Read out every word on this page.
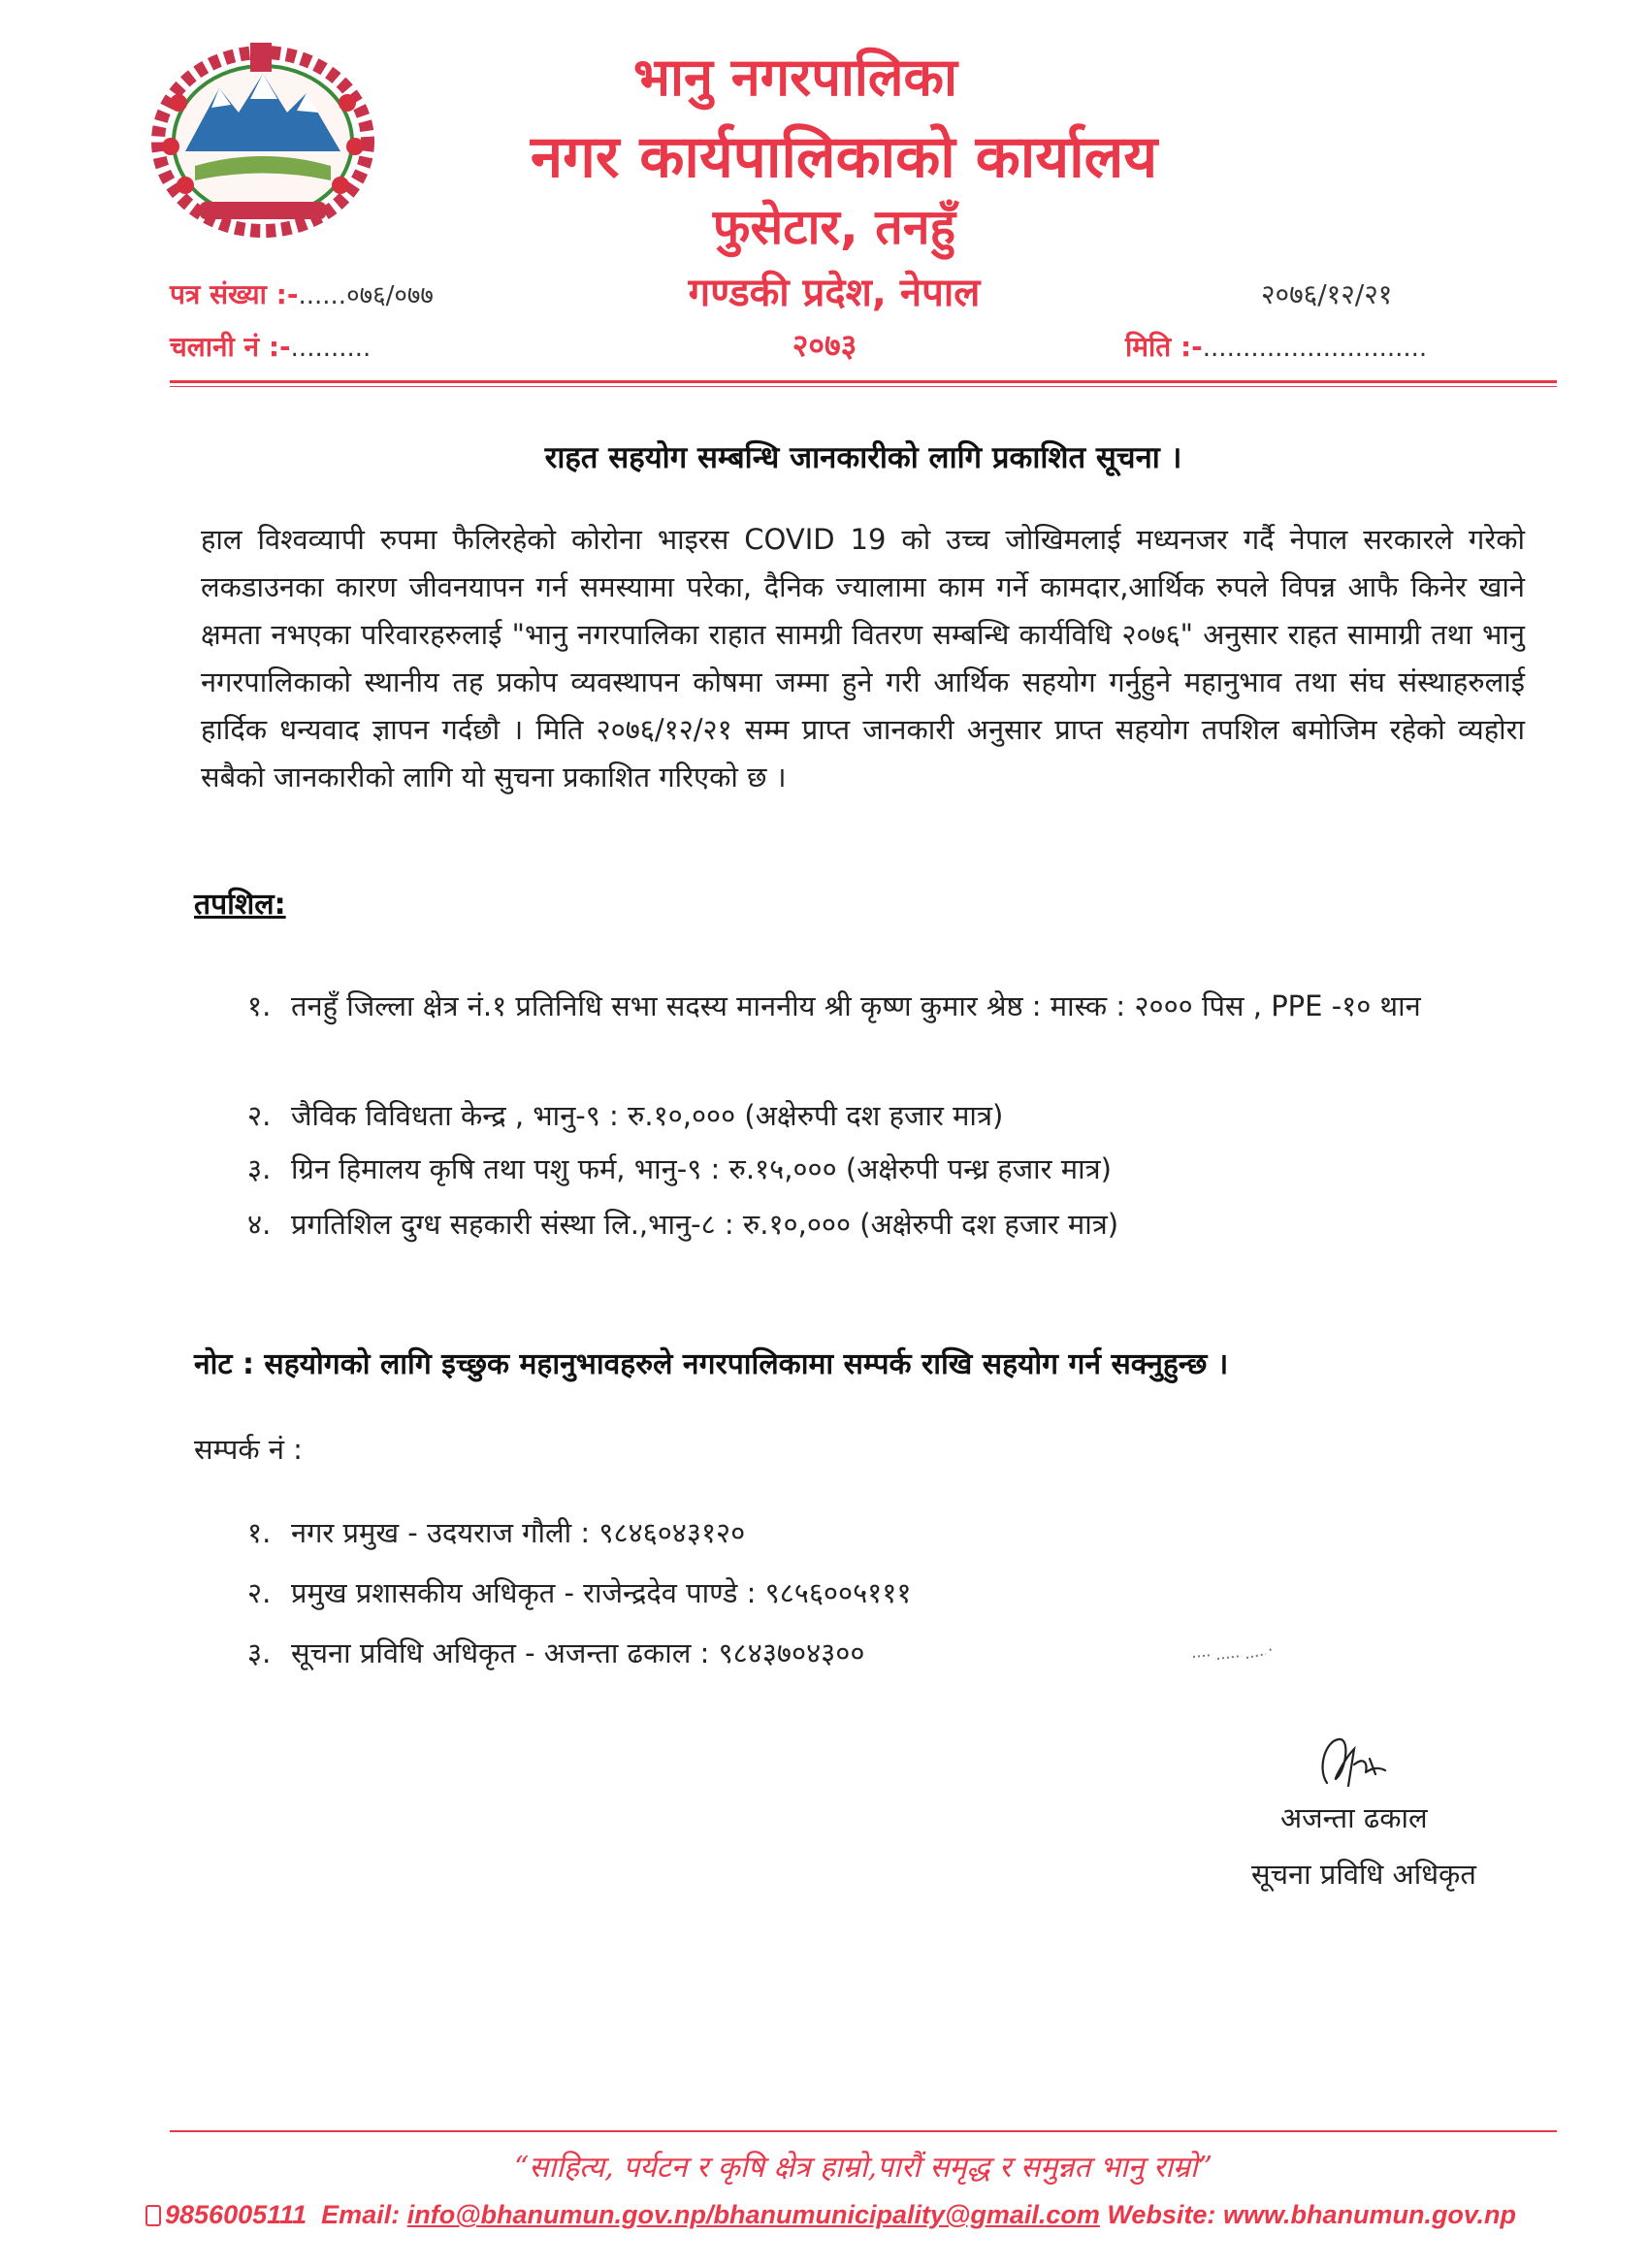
भानु नगरपालिका
नगर कार्यपालिकाको कार्यालय
फुसेटार, तनहुँ
गण्डकी प्रदेश, नेपाल
२०७३
पत्र संख्या :-......०७६/०७७
चलानी नं :-..........
२०७६/१२/२१
मिति :-............................
राहत सहयोग सम्बन्धि जानकारीको लागि प्रकाशित सूचना ।
हाल विश्वव्यापी रुपमा फैलिरहेको कोरोना भाइरस COVID 19 को उच्च जोखिमलाई मध्यनजर गर्दै नेपाल सरकारले गरेको लकडाउनका कारण जीवनयापन गर्न समस्यामा परेका, दैनिक ज्यालामा काम गर्ने कामदार,आर्थिक रुपले विपन्न आफै किनेर खाने क्षमता नभएका परिवारहरुलाई "भानु नगरपालिका राहात सामग्री वितरण सम्बन्धि कार्यविधि २०७६" अनुसार राहत सामाग्री तथा भानु नगरपालिकाको स्थानीय तह प्रकोप व्यवस्थापन कोषमा जम्मा हुने गरी आर्थिक सहयोग गर्नुहुने महानुभाव तथा संघ संस्थाहरुलाई हार्दिक धन्यवाद ज्ञापन गर्दछौ । मिति २०७६/१२/२१ सम्म प्राप्त जानकारी अनुसार प्राप्त सहयोग तपशिल बमोजिम रहेको व्यहोरा सबैको जानकारीको लागि यो सुचना प्रकाशित गरिएको छ ।
तपशिल:
१. तनहुँ जिल्ला क्षेत्र नं.१ प्रतिनिधि सभा सदस्य माननीय श्री कृष्ण कुमार श्रेष्ठ : मास्क : २००० पिस , PPE -१० थान
२. जैविक विविधता केन्द्र , भानु-९ : रु.१०,००० (अक्षेरुपी दश हजार मात्र)
३. ग्रिन हिमालय कृषि तथा पशु फर्म, भानु-९ : रु.१५,००० (अक्षेरुपी पन्ध्र हजार मात्र)
४. प्रगतिशिल दुग्ध सहकारी संस्था लि.,भानु-८ : रु.१०,००० (अक्षेरुपी दश हजार मात्र)
नोट : सहयोगको लागि इच्छुक महानुभावहरुले नगरपालिकामा सम्पर्क राखि सहयोग गर्न सक्नुहुन्छ ।
सम्पर्क नं :
१. नगर प्रमुख - उदयराज गौली : ९८४६०४३१२०
२. प्रमुख प्रशासकीय अधिकृत - राजेन्द्रदेव पाण्डे : ९८५६००५१११
३. सूचना प्रविधि अधिकृत - अजन्ता ढकाल : ९८४३७०४३००
अजन्ता ढकाल
सूचना प्रविधि अधिकृत
“साहित्य, पर्यटन र कृषि क्षेत्र हाम्रो,पारौं समृद्ध र समुन्नत भानु राम्रो”
9856005111 Email: info@bhanumun.gov.np/bhanumunicipality@gmail.com Website: www.bhanumun.gov.np
